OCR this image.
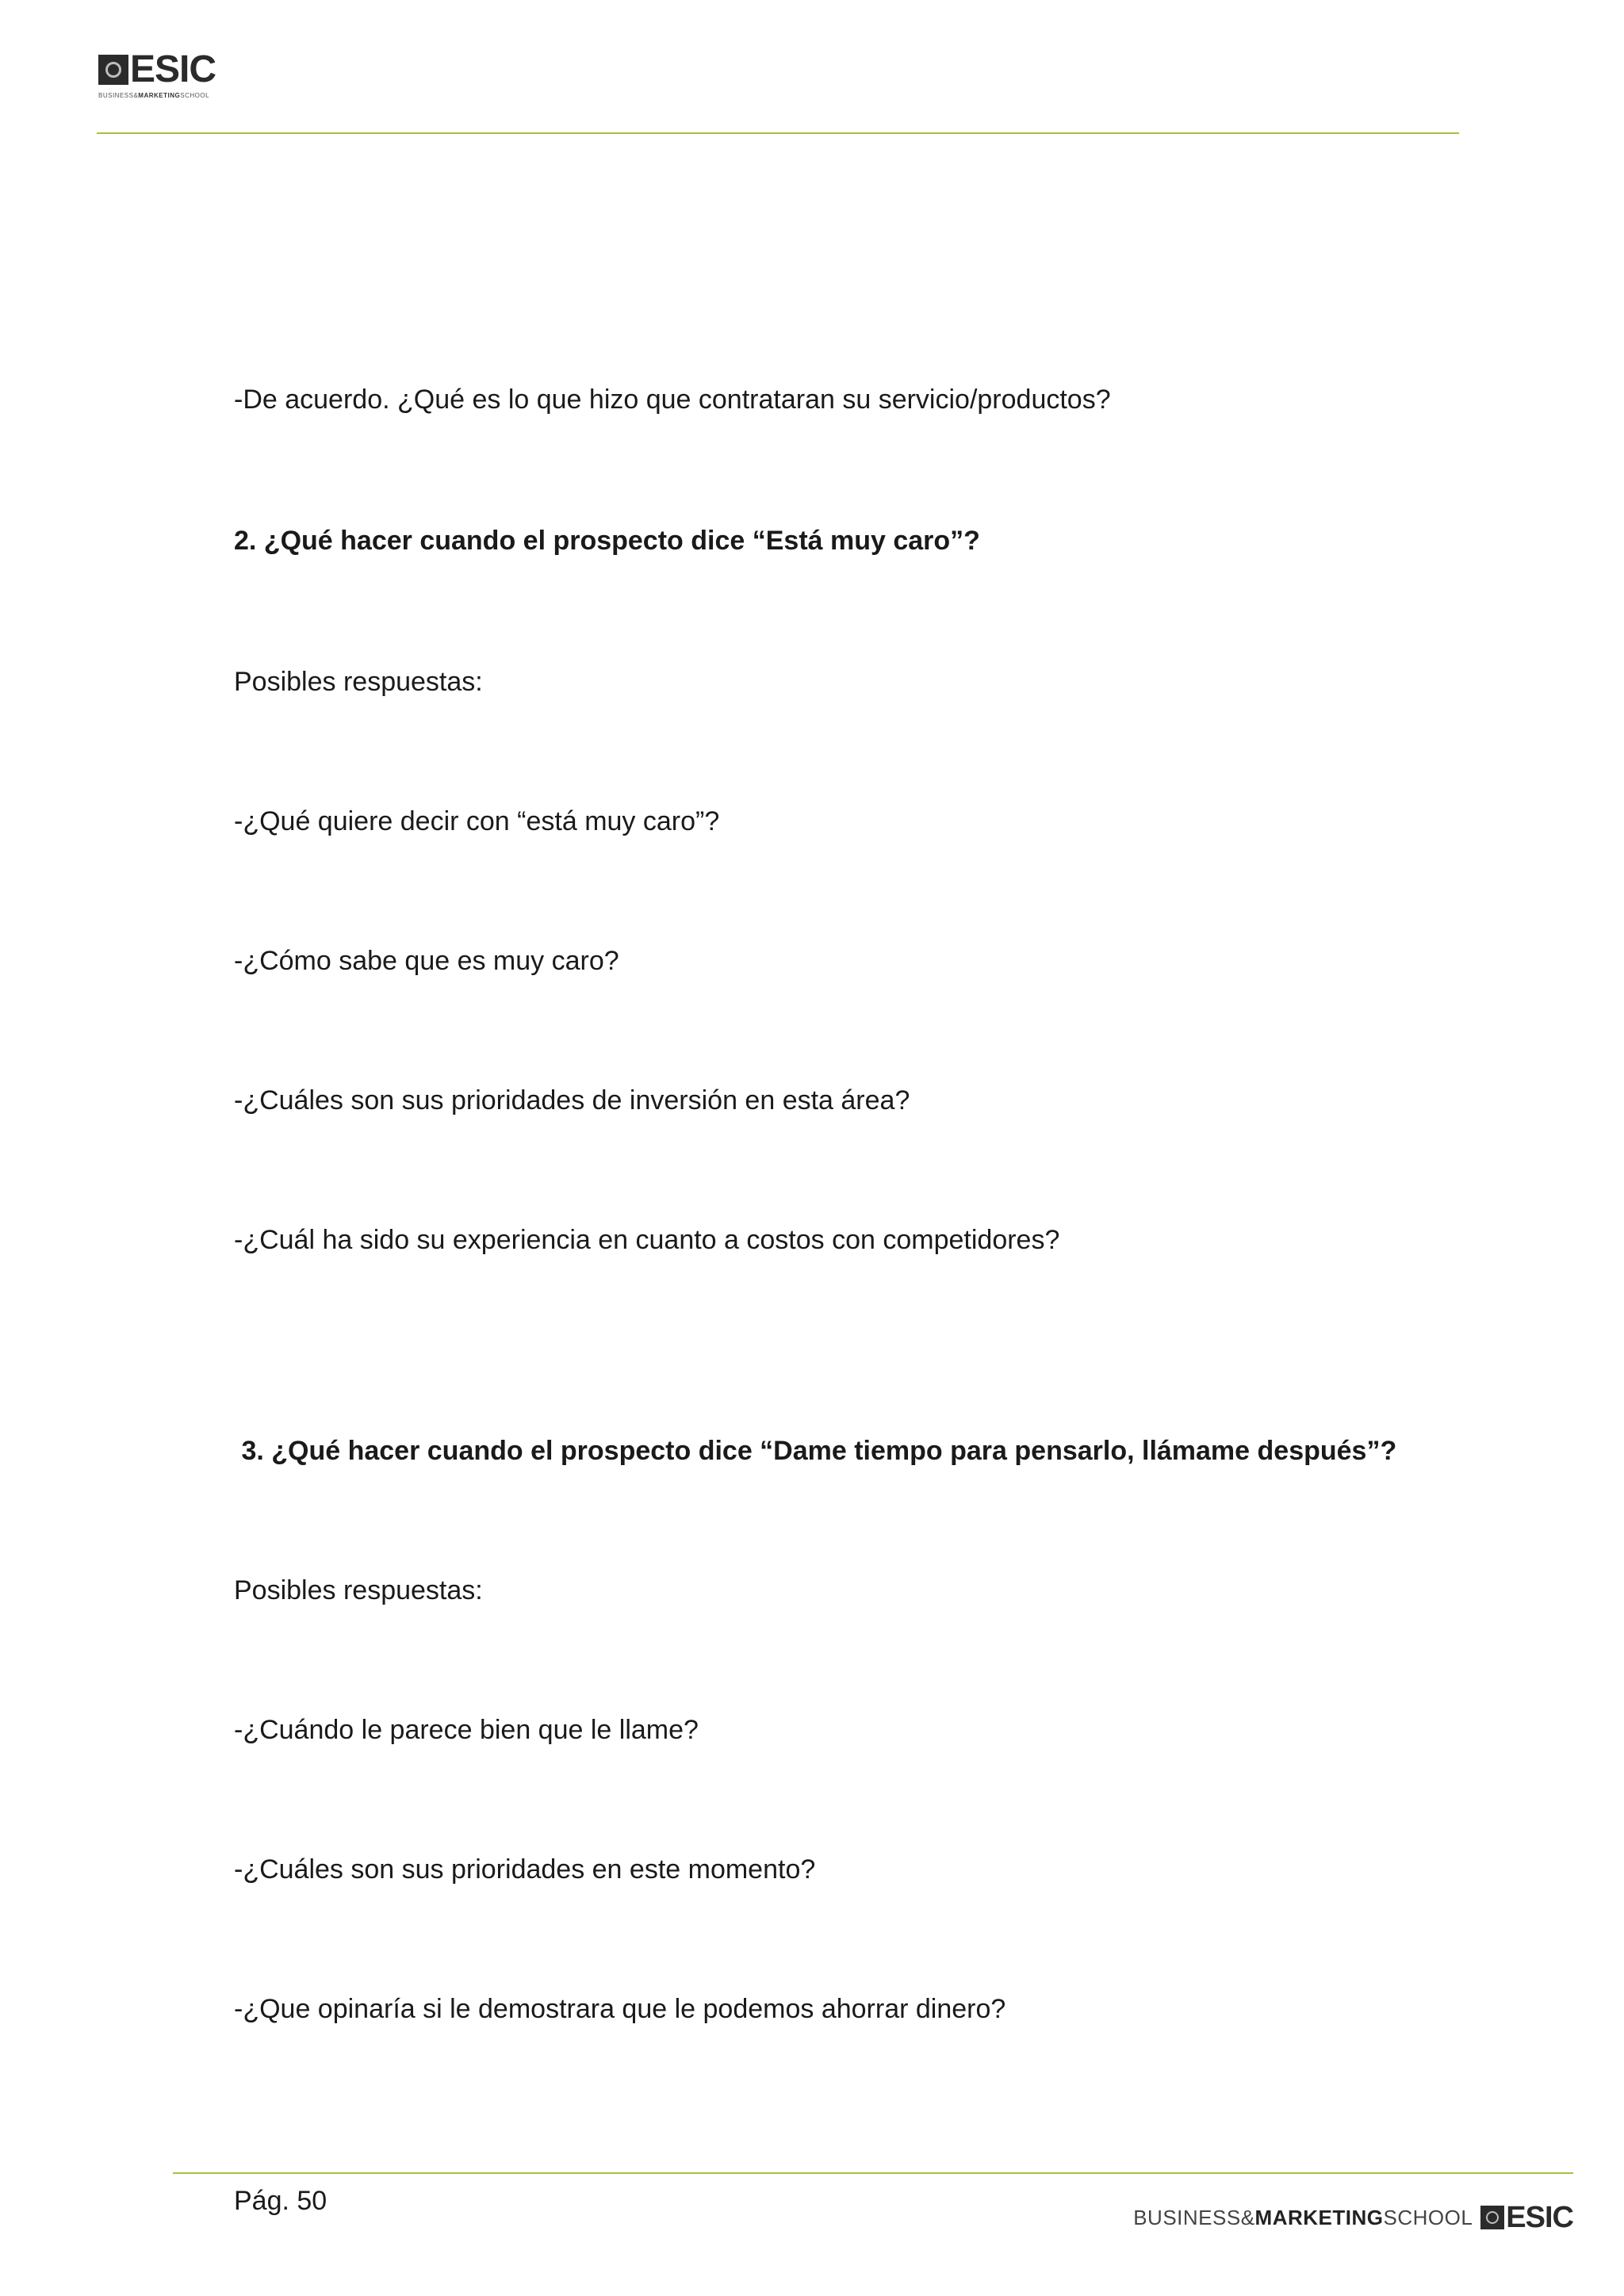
ESIC
BUSINESS&MARKETINGSCHOOL
-De acuerdo. ¿Qué es lo que hizo que contrataran su servicio/productos?
2. ¿Qué hacer cuando el prospecto dice “Está muy caro”?
Posibles respuestas:
-¿Qué quiere decir con “está muy caro”?
-¿Cómo sabe que es muy caro?
-¿Cuáles son sus prioridades de inversión en esta área?
-¿Cuál ha sido su experiencia en cuanto a costos con competidores?
3. ¿Qué hacer cuando el prospecto dice “Dame tiempo para pensarlo, llámame después”?
Posibles respuestas:
-¿Cuándo le parece bien que le llame?
-¿Cuáles son sus prioridades en este momento?
-¿Que opinaría si le demostrara que le podemos ahorrar dinero?
Pág. 50
BUSINESS&MARKETINGSCHOOL ESIC
